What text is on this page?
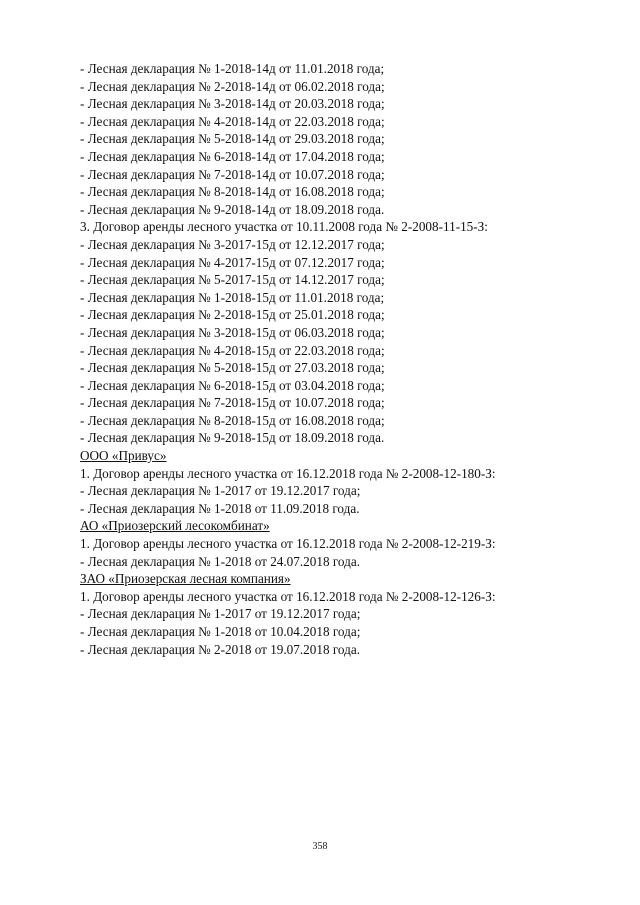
- Лесная декларация № 1-2018-14д от 11.01.2018 года;
- Лесная декларация № 2-2018-14д от 06.02.2018 года;
- Лесная декларация № 3-2018-14д от 20.03.2018 года;
- Лесная декларация № 4-2018-14д от 22.03.2018 года;
- Лесная декларация № 5-2018-14д от 29.03.2018 года;
- Лесная декларация № 6-2018-14д от 17.04.2018 года;
- Лесная декларация № 7-2018-14д от 10.07.2018 года;
- Лесная декларация № 8-2018-14д от 16.08.2018 года;
- Лесная декларация № 9-2018-14д от 18.09.2018 года.
3. Договор аренды лесного участка от 10.11.2008 года № 2-2008-11-15-З:
- Лесная декларация № 3-2017-15д от 12.12.2017 года;
- Лесная декларация № 4-2017-15д от 07.12.2017 года;
- Лесная декларация № 5-2017-15д от 14.12.2017 года;
- Лесная декларация № 1-2018-15д от 11.01.2018 года;
- Лесная декларация № 2-2018-15д от 25.01.2018 года;
- Лесная декларация № 3-2018-15д от 06.03.2018 года;
- Лесная декларация № 4-2018-15д от 22.03.2018 года;
- Лесная декларация № 5-2018-15д от 27.03.2018 года;
- Лесная декларация № 6-2018-15д от 03.04.2018 года;
- Лесная декларация № 7-2018-15д от 10.07.2018 года;
- Лесная декларация № 8-2018-15д от 16.08.2018 года;
- Лесная декларация № 9-2018-15д от 18.09.2018 года.
ООО «Привус»
1. Договор аренды лесного участка от 16.12.2018 года № 2-2008-12-180-З:
- Лесная декларация № 1-2017 от 19.12.2017 года;
- Лесная декларация № 1-2018 от 11.09.2018 года.
АО «Приозерский лесокомбинат»
1. Договор аренды лесного участка от 16.12.2018 года № 2-2008-12-219-З:
- Лесная декларация № 1-2018 от 24.07.2018 года.
ЗАО «Приозерская лесная компания»
1. Договор аренды лесного участка от 16.12.2018 года № 2-2008-12-126-З:
- Лесная декларация № 1-2017 от 19.12.2017 года;
- Лесная декларация № 1-2018 от 10.04.2018 года;
- Лесная декларация № 2-2018 от 19.07.2018 года.
358
